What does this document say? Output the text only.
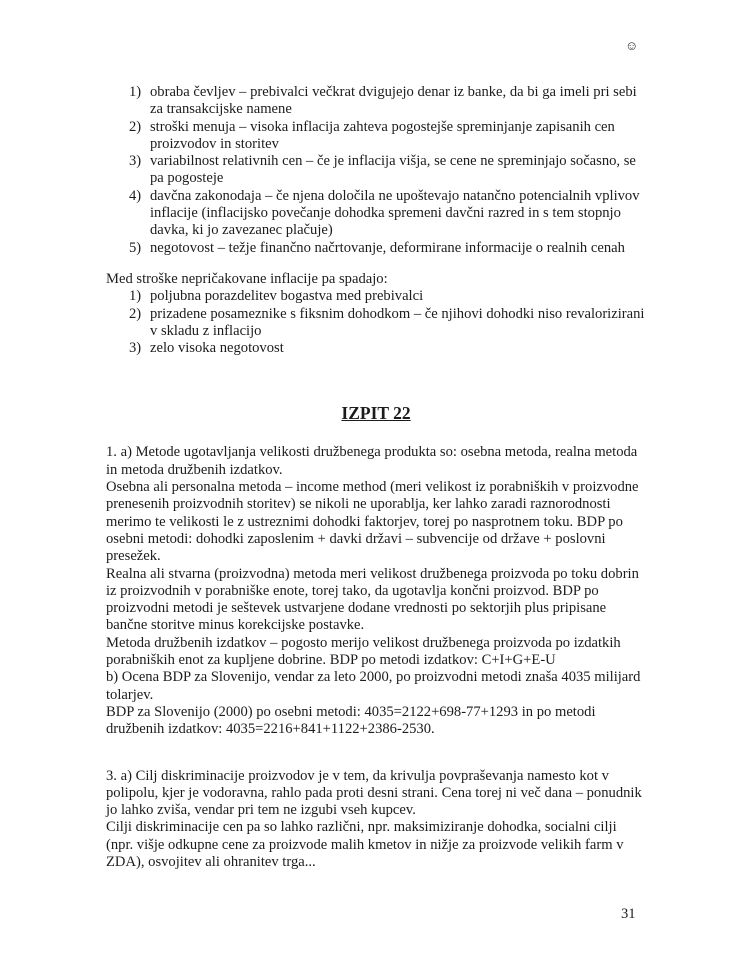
☺
1) obraba čevljev – prebivalci večkrat dvigujejo denar iz banke, da bi ga imeli pri sebi za transakcijske namene
2) stroški menuja – visoka inflacija zahteva pogostejše spreminjanje zapisanih cen proizvodov in storitev
3) variabilnost relativnih cen – če je inflacija višja, se cene ne spreminjajo sočasno, se pa pogosteje
4) davčna zakonodaja – če njena določila ne upoštevajo natančno potencialnih vplivov inflacije (inflacijsko povečanje dohodka spremeni davčni razred in s tem stopnjo davka, ki jo zavezanec plačuje)
5) negotovost – težje finančno načrtovanje, deformirane informacije o realnih cenah

Med stroške nepričakovane inflacije pa spadajo:

1) poljubna porazdelitev bogastva med prebivalci
2) prizadene posameznike s fiksnim dohodkom – če njihovi dohodki niso revalorizirani v skladu z inflacijo
3) zelo visoka negotovost
IZPIT 22

1. a) Metode ugotavljanja velikosti družbenega produkta so: osebna metoda, realna metoda in metoda družbenih izdatkov.

Osebna ali personalna metoda – income method (meri velikost iz porabniških v proizvodne prenesenih proizvodnih storitev) se nikoli ne uporablja, ker lahko zaradi raznorodnosti merimo te velikosti le z ustreznimi dohodki faktorjev, torej po nasprotnem toku. BDP po osebni metodi: dohodki zaposlenim + davki državi – subvencije od države + poslovni presežek.

Realna ali stvarna (proizvodna) metoda meri velikost družbenega proizvoda po toku dobrin iz proizvodnih v porabniške enote, torej tako, da ugotavlja končni proizvod. BDP po proizvodni metodi je seštevek ustvarjene dodane vrednosti po sektorjih plus pripisane bančne storitve minus korekcijske postavke.

Metoda družbenih izdatkov – pogosto merijo velikost družbenega proizvoda po izdatkih porabniških enot za kupljene dobrine. BDP po metodi izdatkov: C+I+G+E-U

b) Ocena BDP za Slovenijo, vendar za leto 2000, po proizvodni metodi znaša 4035 milijard tolarjev.

BDP za Slovenijo (2000) po osebni metodi: 4035=2122+698-77+1293 in po metodi družbenih izdatkov: 4035=2216+841+1122+2386-2530.

3. a) Cilj diskriminacije proizvodov je v tem, da krivulja povpraševanja namesto kot v polipolu, kjer je vodoravna, rahlo pada proti desni strani. Cena torej ni več dana – ponudnik jo lahko zviša, vendar pri tem ne izgubi vseh kupcev.

Cilji diskriminacije cen pa so lahko različni, npr. maksimiziranje dohodka, socialni cilji (npr. višje odkupne cene za proizvode malih kmetov in nižje za proizvode velikih farm v ZDA), osvojitev ali ohranitev trga...

31
